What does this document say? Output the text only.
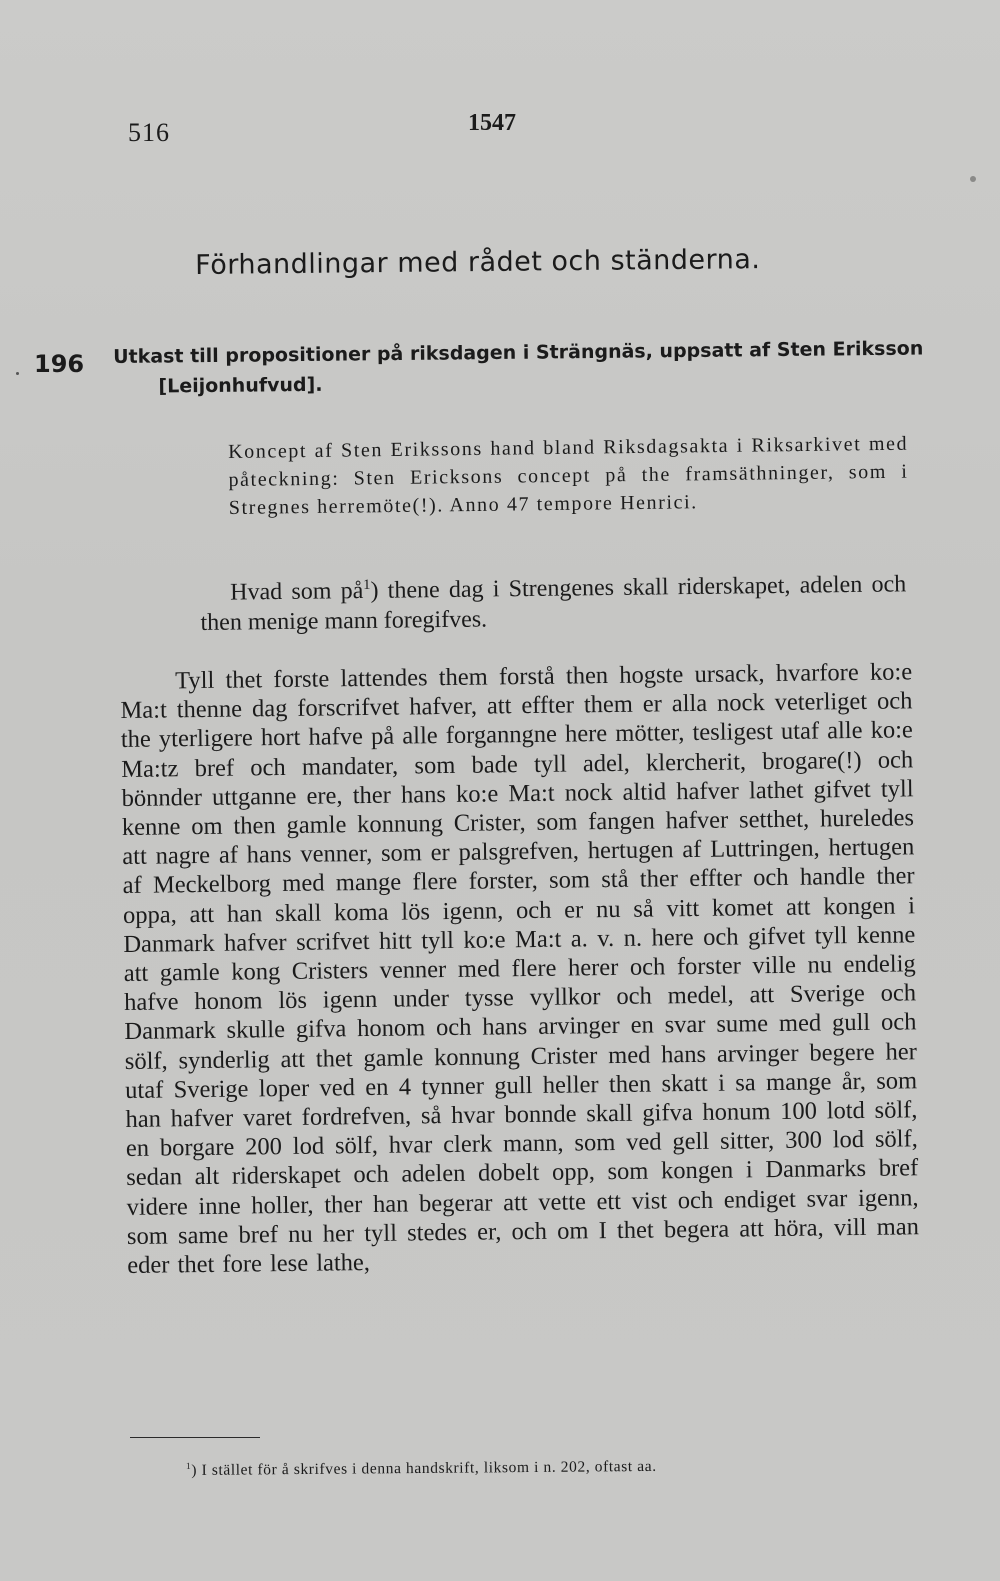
516	1547
Förhandlingar med rådet och ständerna.
196 Utkast till propositioner på riksdagen i Strängnäs, uppsatt af Sten Eriksson [Leijonhufvud].
Koncept af Sten Erikssons hand bland Riksdagsakta i Riksarkivet med påteckning: Sten Ericksons concept på the framsäthninger, som i Stregnes herremöte(!). Anno 47 tempore Henrici.

Hvad som $på^1$) thene dag i Strengenes skall riderskapet, adelen och then menige mann foregifves.

Tyll thet forste lattendes them forstå then hogste ursack, hvarfore ko:e Ma:t thenne dag forscrifvet hafver, att effter them er alla nock veterliget och the yterligere hort hafve på alle forganngne here mötter, tesligest utaf alle ko:e Ma:tz bref och mandater, som bade tyll adel, klercherit, brogare(!) och bönnder uttganne ere, ther hans ko:e Ma:t nock altid hafver lathet gifvet tyll kenne om then gamle konnung Crister, som fangen hafver setthet, hureledes att nagre af hans venner, som er palsgrefven, hertugen af Luttringen, hertugen af Meckelborg med mange flere forster, som stå ther effter och handle ther oppa, att han skall koma lös igenn, och er nu så vitt komet att kongen i Danmark hafver scrifvet hitt tyll ko:e Ma:t a. v. n. here och gifvet tyll kenne att gamle kong Cristers venner med flere herer och forster ville nu endelig hafve honom lös igenn under tysse vyllkor och medel, att Sverige och Danmark skulle gifva honom och hans arvinger en svar sume med gull och sölf, synderlig att thet gamle konnung Crister med hans arvinger begere her utaf Sverige loper ved en 4 tynner gull heller then skatt i sa mange år, som han hafver varet fordrefven, så hvar bonnde skall gifva honum 100 lotd sölf, en borgare 200 lod sölf, hvar clerk mann, som ved gell sitter, 300 lod sölf, sedan alt riderskapet och adelen dobelt opp, som kongen i Danmarks bref videre inne holler, ther han begerar att vette ett vist och endiget svar igenn, som same bref nu her tyll stedes er, och om I thet begera att höra, vill man eder thet fore lese lathe,

$^1$) I stället för å skrifves i denna handskrift, liksom i n. 202, oftast aa.
